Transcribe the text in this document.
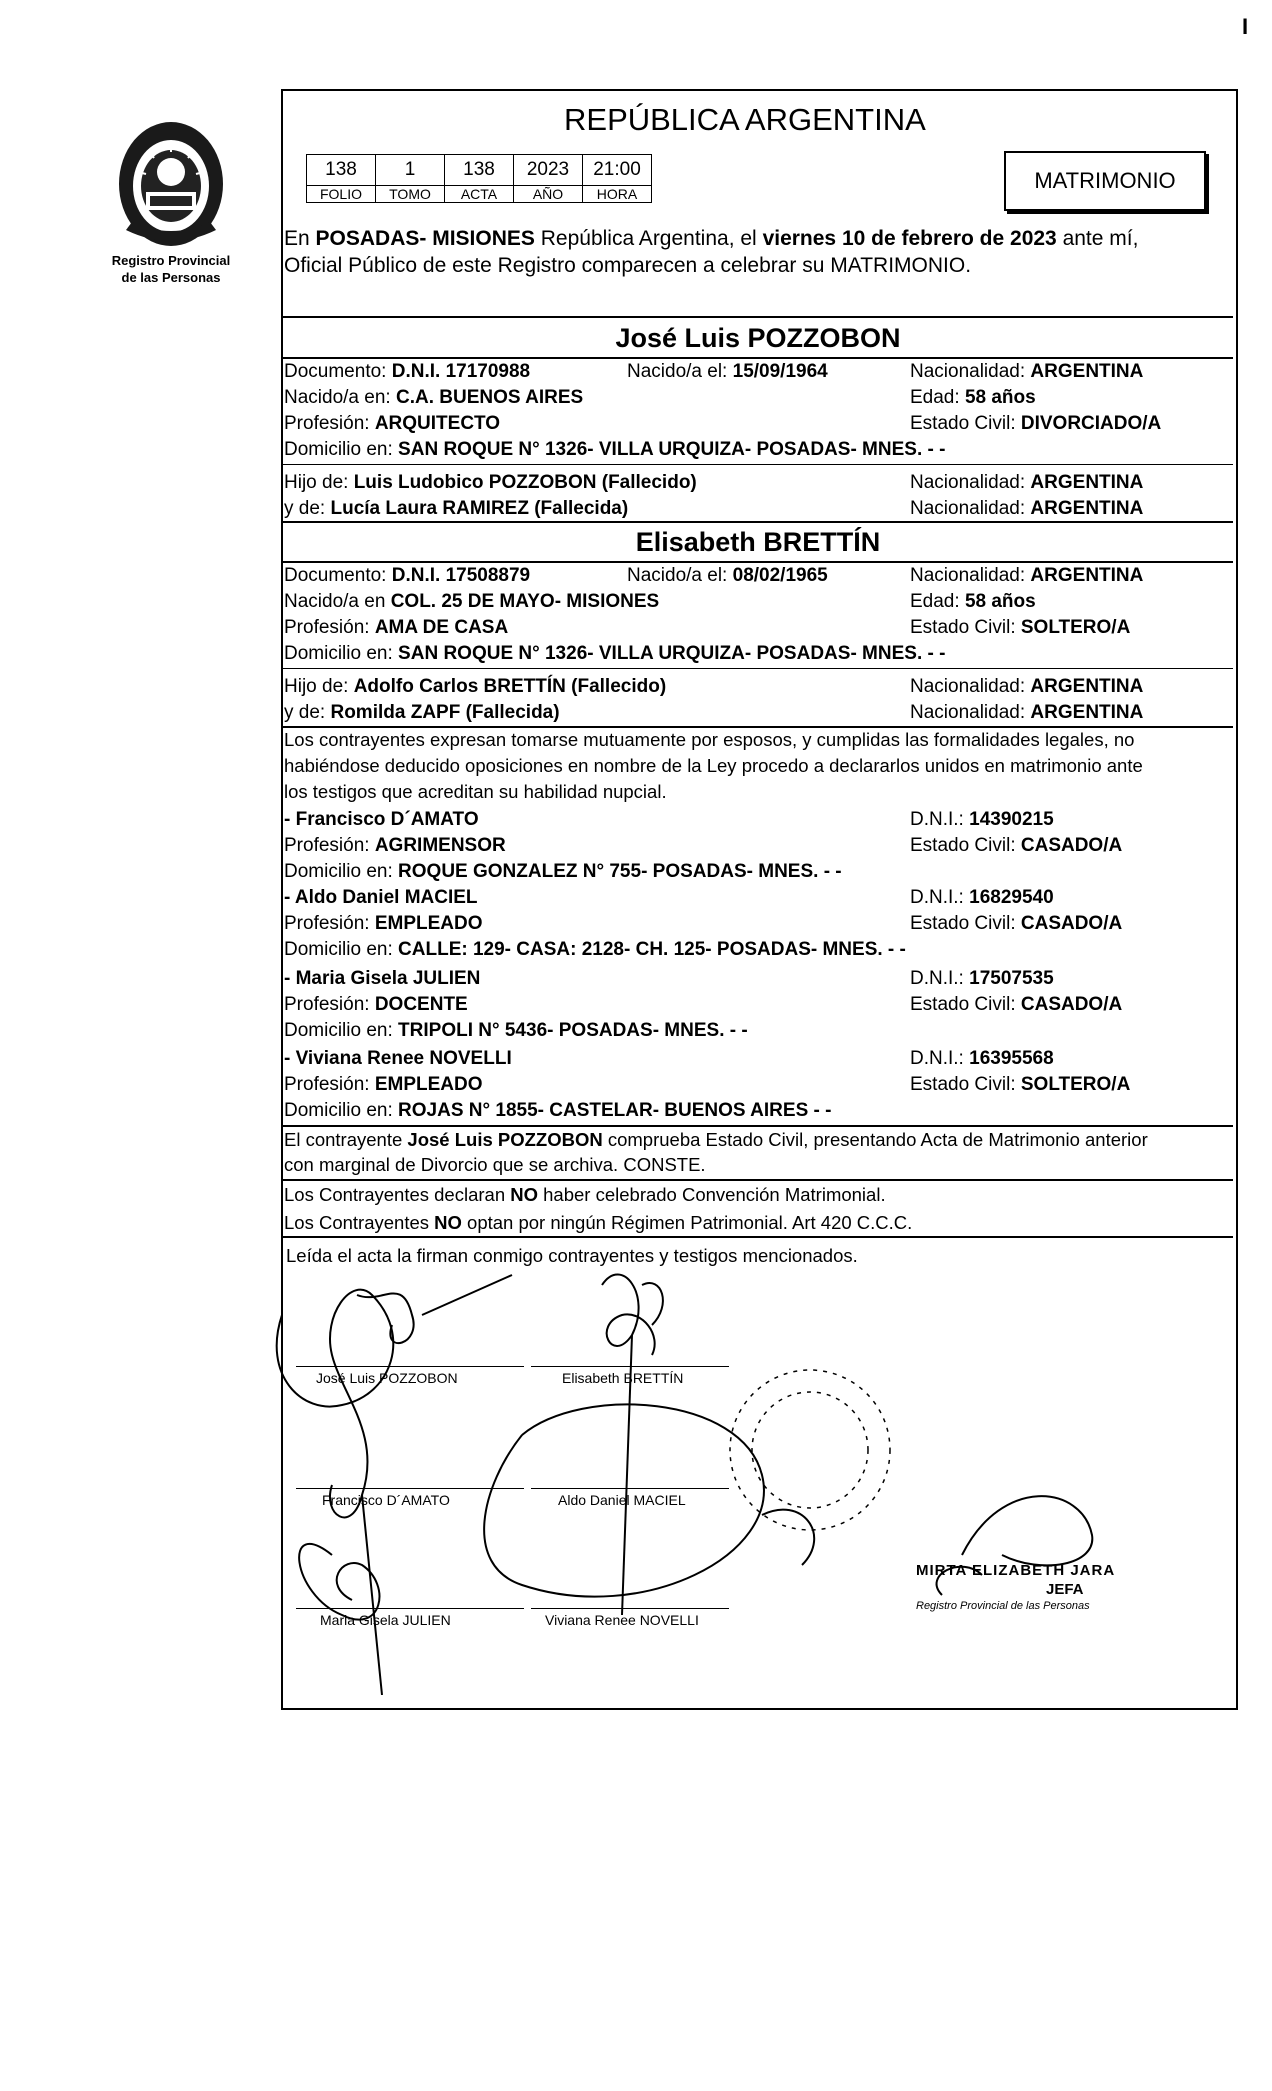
I
Registro Provincial
de las Personas
REPÚBLICA ARGENTINA
138	1	138	2023	21:00
FOLIO	TOMO	ACTA	AÑO	HORA
MATRIMONIO
En POSADAS- MISIONES República Argentina, el viernes 10 de febrero de 2023 ante mí,
Oficial Público de este Registro comparecen a celebrar su MATRIMONIO.
José Luis POZZOBON
Documento: D.N.I. 17170988	Nacido/a el: 15/09/1964	Nacionalidad: ARGENTINA
Nacido/a en: C.A. BUENOS AIRES	Edad: 58 años
Profesión: ARQUITECTO	Estado Civil: DIVORCIADO/A
Domicilio en: SAN ROQUE N° 1326- VILLA URQUIZA- POSADAS- MNES. - -
Hijo de: Luis Ludobico POZZOBON (Fallecido)	Nacionalidad: ARGENTINA
y de: Lucía Laura RAMIREZ (Fallecida)	Nacionalidad: ARGENTINA
Elisabeth BRETTÍN
Documento: D.N.I. 17508879	Nacido/a el: 08/02/1965	Nacionalidad: ARGENTINA
Nacido/a en COL. 25 DE MAYO- MISIONES	Edad: 58 años
Profesión: AMA DE CASA	Estado Civil: SOLTERO/A
Domicilio en: SAN ROQUE N° 1326- VILLA URQUIZA- POSADAS- MNES. - -
Hijo de: Adolfo Carlos BRETTÍN (Fallecido)	Nacionalidad: ARGENTINA
y de: Romilda ZAPF (Fallecida)	Nacionalidad: ARGENTINA
Los contrayentes expresan tomarse mutuamente por esposos, y cumplidas las formalidades legales, no
habiéndose deducido oposiciones en nombre de la Ley procedo a declararlos unidos en matrimonio ante
los testigos que acreditan su habilidad nupcial.
- Francisco D´AMATO	D.N.I.: 14390215
Profesión: AGRIMENSOR	Estado Civil: CASADO/A
Domicilio en: ROQUE GONZALEZ N° 755- POSADAS- MNES. - -
- Aldo Daniel MACIEL	D.N.I.: 16829540
Profesión: EMPLEADO	Estado Civil: CASADO/A
Domicilio en: CALLE: 129- CASA: 2128- CH. 125- POSADAS- MNES. - -
- Maria Gisela JULIEN	D.N.I.: 17507535
Profesión: DOCENTE	Estado Civil: CASADO/A
Domicilio en: TRIPOLI N° 5436- POSADAS- MNES. - -
- Viviana Renee NOVELLI	D.N.I.: 16395568
Profesión: EMPLEADO	Estado Civil: SOLTERO/A
Domicilio en: ROJAS N° 1855- CASTELAR- BUENOS AIRES - -
El contrayente José Luis POZZOBON comprueba Estado Civil, presentando Acta de Matrimonio anterior
con marginal de Divorcio que se archiva. CONSTE.
Los Contrayentes declaran NO haber celebrado Convención Matrimonial.
Los Contrayentes NO optan por ningún Régimen Patrimonial. Art 420 C.C.C.
Leída el acta la firman conmigo contrayentes y testigos mencionados.
José Luis POZZOBON	Elisabeth BRETTÍN
Francisco D´AMATO	Aldo Daniel MACIEL
Maria Gisela JULIEN	Viviana Renee NOVELLI
MIRTA ELIZABETH JARA
JEFA
Registro Provincial de las Personas
